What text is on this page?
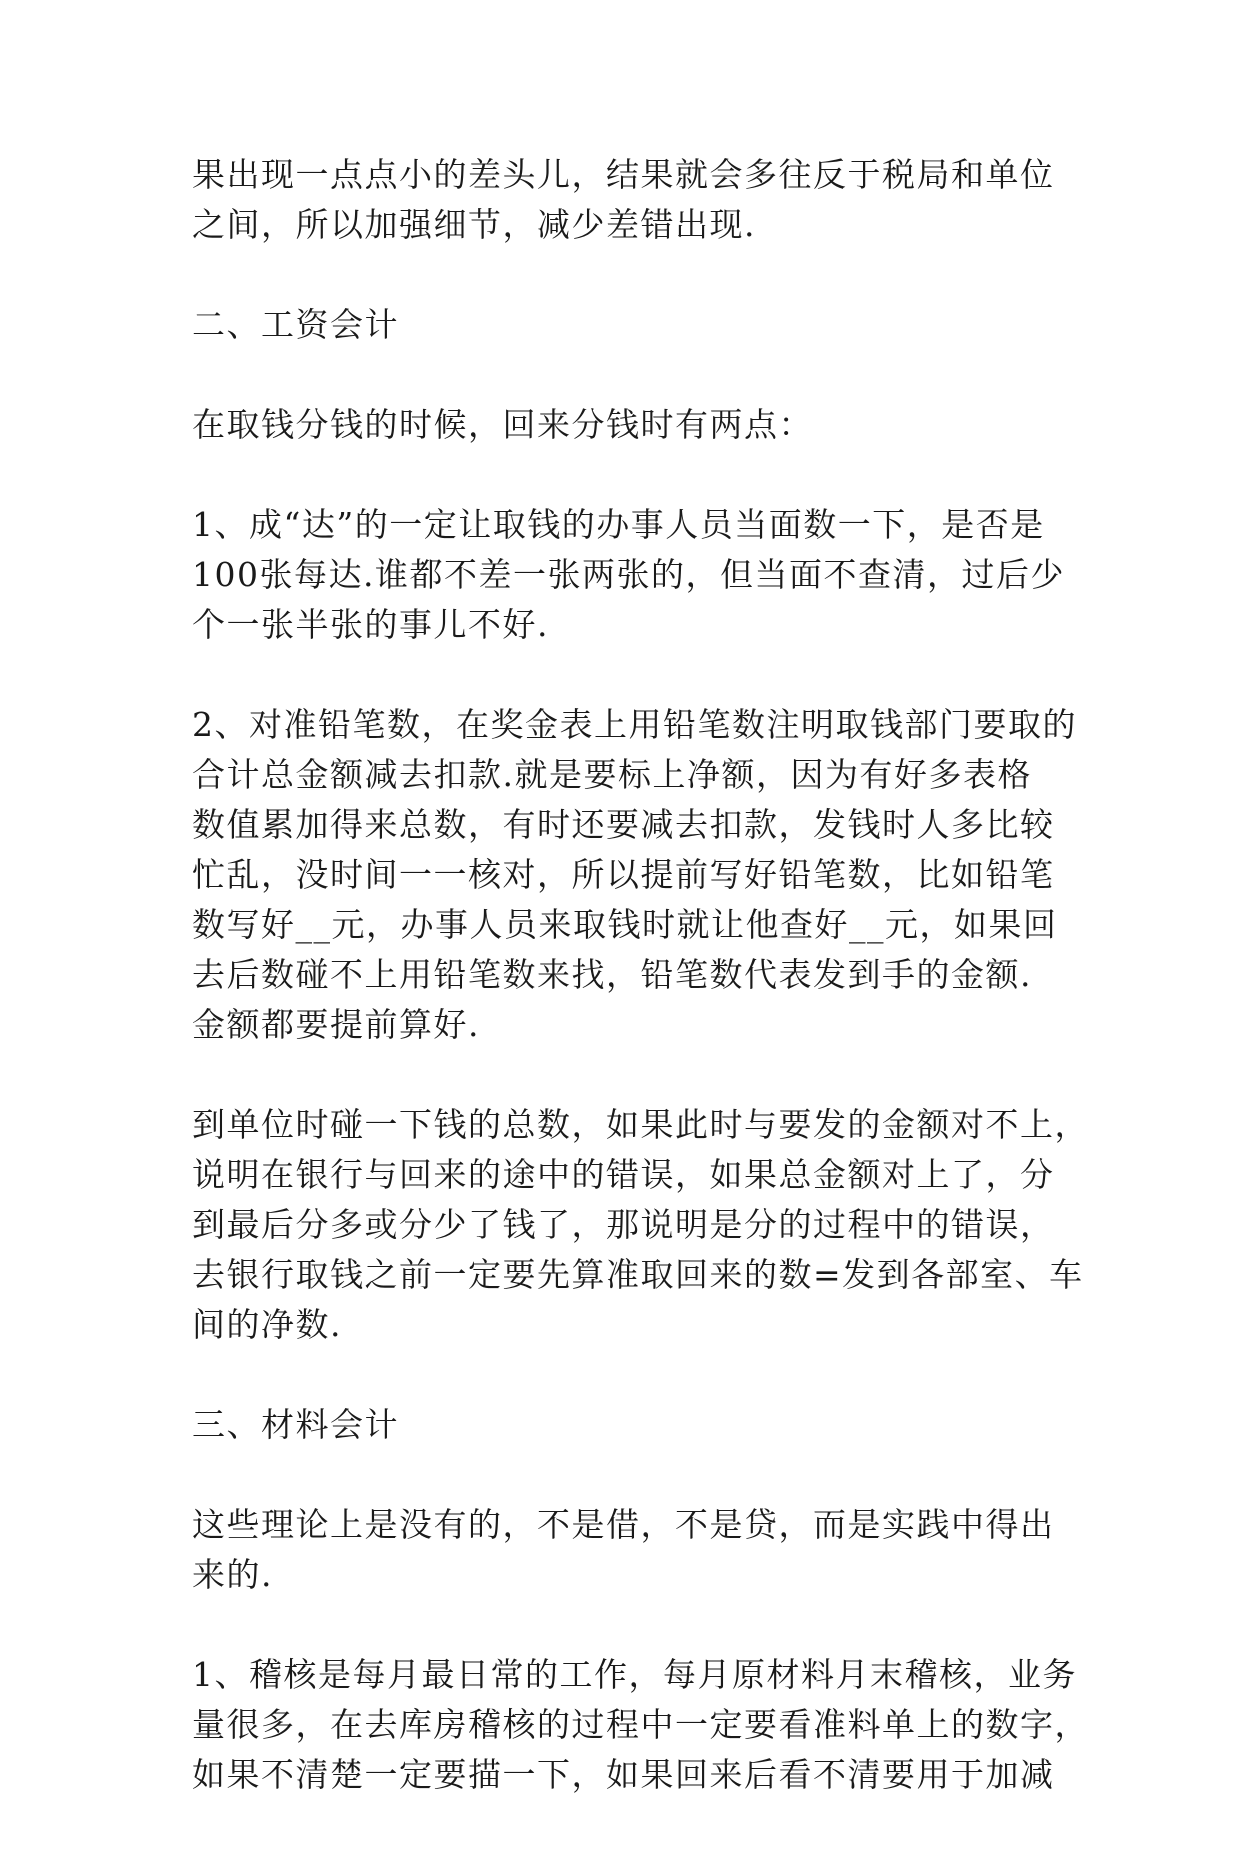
果出现一点点小的差头儿，结果就会多往反于税局和单位
之间，所以加强细节，减少差错出现.

二、工资会计

在取钱分钱的时候，回来分钱时有两点：

1、成“达”的一定让取钱的办事人员当面数一下，是否是
100张每达.谁都不差一张两张的，但当面不查清，过后少
个一张半张的事儿不好.

2、对准铅笔数，在奖金表上用铅笔数注明取钱部门要取的
合计总金额减去扣款.就是要标上净额，因为有好多表格
数值累加得来总数，有时还要减去扣款，发钱时人多比较
忙乱，没时间一一核对，所以提前写好铅笔数，比如铅笔
数写好__元，办事人员来取钱时就让他查好__元，如果回
去后数碰不上用铅笔数来找，铅笔数代表发到手的金额.
金额都要提前算好.

到单位时碰一下钱的总数，如果此时与要发的金额对不上，
说明在银行与回来的途中的错误，如果总金额对上了，分
到最后分多或分少了钱了，那说明是分的过程中的错误，
去银行取钱之前一定要先算准取回来的数=发到各部室、车
间的净数.

三、材料会计

这些理论上是没有的，不是借，不是贷，而是实践中得出
来的.

1、稽核是每月最日常的工作，每月原材料月末稽核，业务
量很多，在去库房稽核的过程中一定要看准料单上的数字，
如果不清楚一定要描一下，如果回来后看不清要用于加减
